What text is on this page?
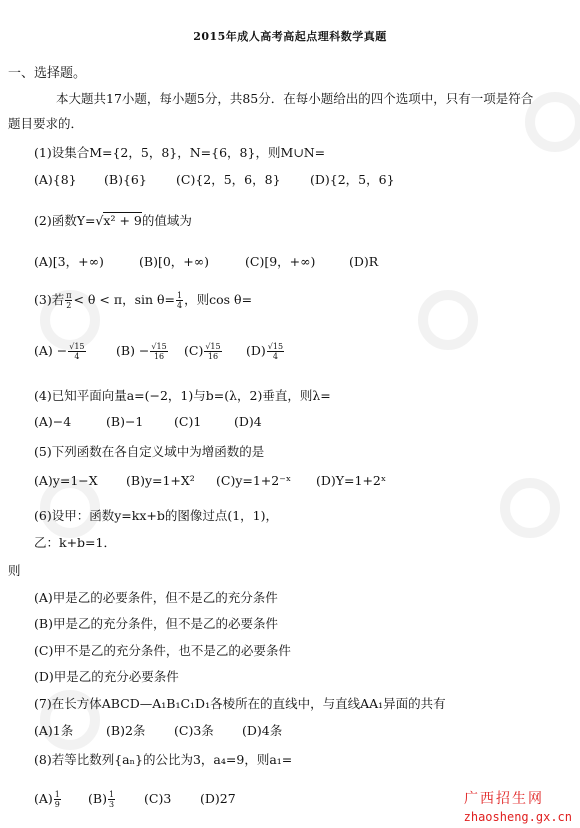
2015年成人高考高起点理科数学真题
一、选择题。
本大题共17小题，每小题5分，共85分．在每小题给出的四个选项中，只有一项是符合
题目要求的．
(1)设集合M={2，5，8}，N={6，8}，则M∪N=
(A){8} (B){6} (C){2，5，6，8} (D){2，5，6}
(2)函数Y=√x² + 9的值域为
(A)[3，+∞)	(B)[0，+∞)	(C)[9，+∞)	(D)R
(3)若 $\frac{\pi}{2} < \theta < \pi$，$\sin \theta= \frac{1}{4}$ ，则cos θ=
$(A) - \frac{√15}{4} (B) - \frac{√15}{16} (C) \frac{√15}{16} (D) \frac{√15}{4}$
(4)已知平面向量a=(−2，1)与b=(λ，2)垂直，则λ=
(A)−4	(B)−1 (C)1	(D)4
(5)下列函数在各自定义域中为增函数的是
(A)y=1−X (B)y=1+X² (C)y=1+2⁻ˣ (D)Y=1+2ˣ
(6)设甲：函数y=kx+b的图像过点(1，1)，
乙：k+b=1．
则
(A)甲是乙的必要条件，但不是乙的充分条件
(B)甲是乙的充分条件，但不是乙的必要条件
(C)甲不是乙的充分条件，也不是乙的必要条件
(D)甲是乙的充分必要条件
(7)在长方体ABCD—A₁B₁C₁D₁各棱所在的直线中，与直线AA₁异面的共有
(A)1条	(B)2条 (C)3条 (D)4条
(8)若等比数列{aₙ}的公比为3，a₄=9，则a₁=
$(A) \frac{1}{9} (B) \frac{1}{3} (C)3$ (D)27	广西招生网
zhaosheng.gx.cn
